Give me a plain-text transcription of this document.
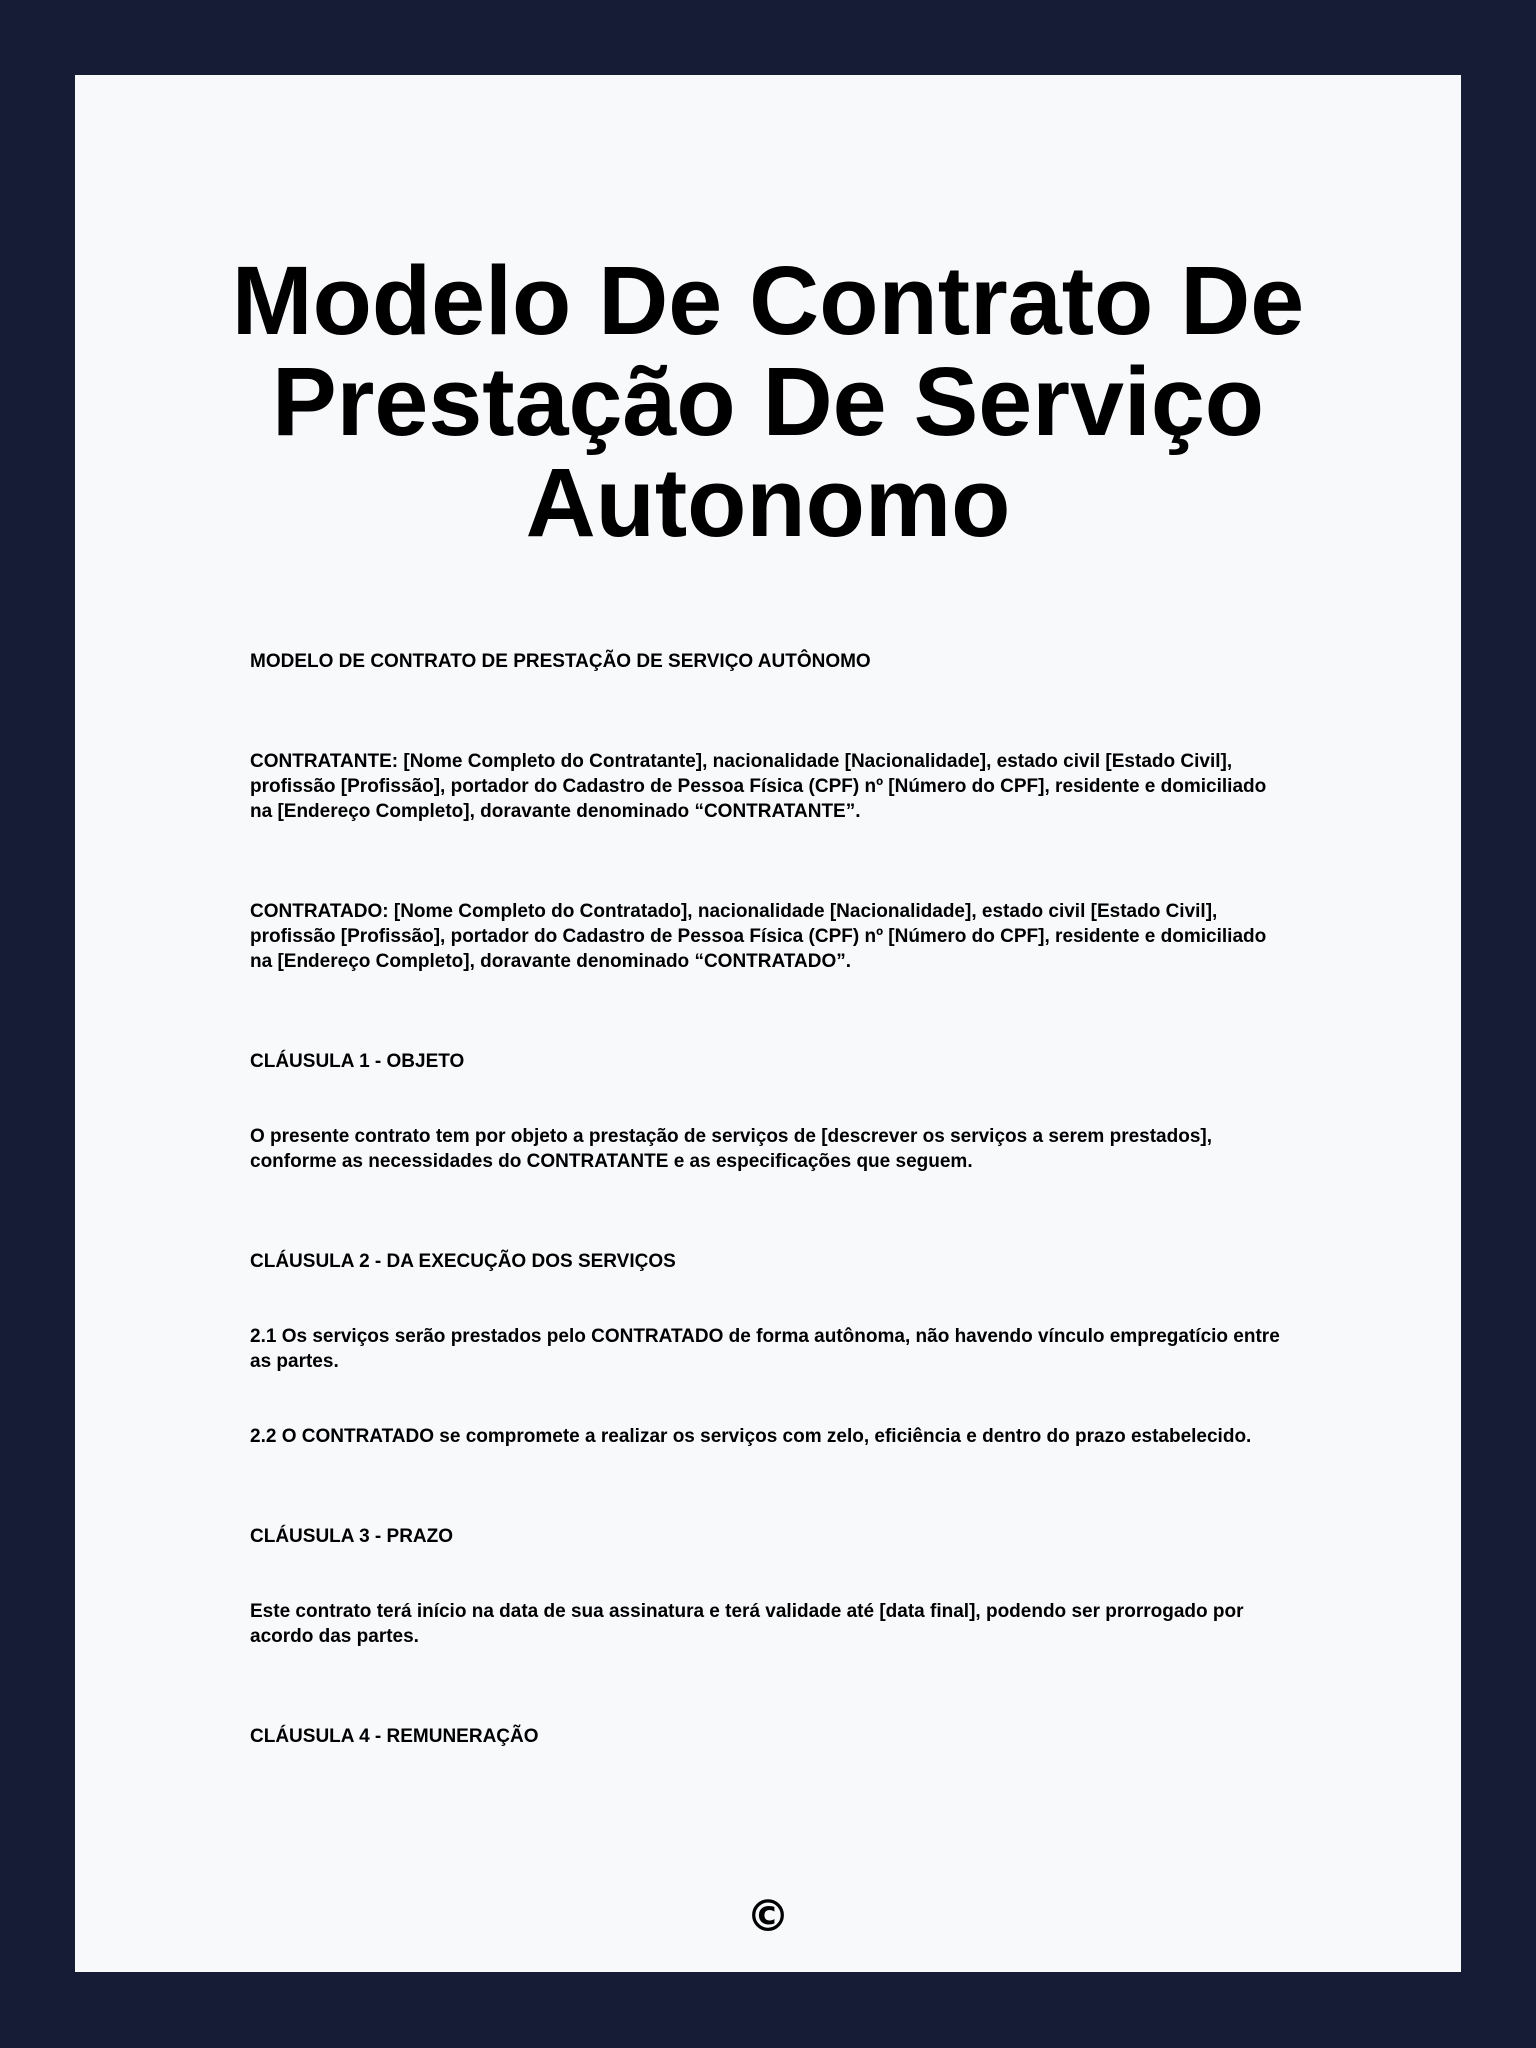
Modelo De Contrato De
Prestação De Serviço
Autonomo

MODELO DE CONTRATO DE PRESTAÇÃO DE SERVIÇO AUTÔNOMO

CONTRATANTE: [Nome Completo do Contratante], nacionalidade [Nacionalidade], estado civil [Estado Civil], profissão [Profissão], portador do Cadastro de Pessoa Física (CPF) nº [Número do CPF], residente e domiciliado na [Endereço Completo], doravante denominado “CONTRATANTE”.

CONTRATADO: [Nome Completo do Contratado], nacionalidade [Nacionalidade], estado civil [Estado Civil], profissão [Profissão], portador do Cadastro de Pessoa Física (CPF) nº [Número do CPF], residente e domiciliado na [Endereço Completo], doravante denominado “CONTRATADO”.

CLÁUSULA 1 - OBJETO

O presente contrato tem por objeto a prestação de serviços de [descrever os serviços a serem prestados], conforme as necessidades do CONTRATANTE e as especificações que seguem.

CLÁUSULA 2 - DA EXECUÇÃO DOS SERVIÇOS

2.1 Os serviços serão prestados pelo CONTRATADO de forma autônoma, não havendo vínculo empregatício entre as partes.

2.2 O CONTRATADO se compromete a realizar os serviços com zelo, eficiência e dentro do prazo estabelecido.

CLÁUSULA 3 - PRAZO

Este contrato terá início na data de sua assinatura e terá validade até [data final], podendo ser prorrogado por acordo das partes.

CLÁUSULA 4 - REMUNERAÇÃO

©
